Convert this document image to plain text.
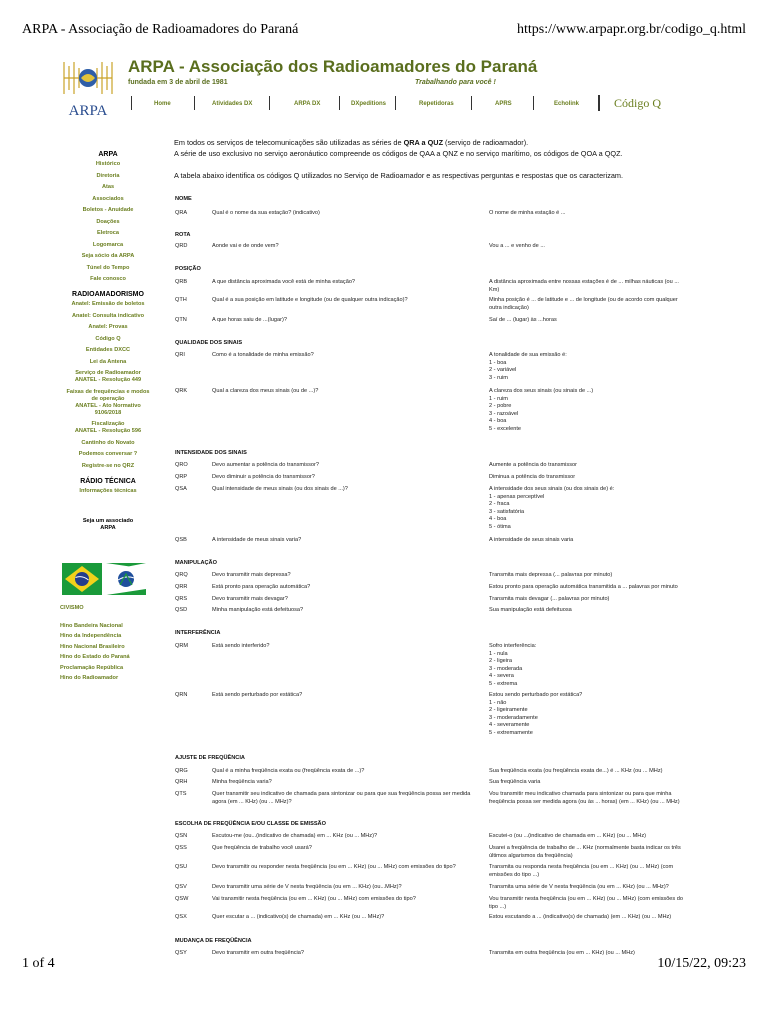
ARPA - Associação de Radioamadores do Paraná	https://www.arpapr.org.br/codigo_q.html
ARPA
ARPA - Associação dos Radioamadores do Paraná
fundada em 3 de abril de 1981	Trabalhando para você !
Home	Atividades DX	ARPA DX	DXpeditions	Repetidoras	APRS	Echolink	Código Q
ARPA
Histórico
Diretoria
Atas
Associados
Boletos - Anuidade
Doações
Eletroca
Logomarca
Seja sócio da ARPA
Túnel do Tempo
Fale conosco
RADIOAMADORISMO
Anatel: Emissão de boletos
Anatel: Consulta indicativo
Anatel: Provas
Código Q
Entidades DXCC
Lei da Antena
Serviço de Radioamador
ANATEL - Resolução 449
Faixas de frequências e modos
de operação
ANATEL - Ato Normativo
9106/2018
Fiscalização
ANATEL - Resolução 596
Cantinho do Novato
Podemos conversar ?
Registre-se no QRZ
RÁDIO TÉCNICA
Informações técnicas
Seja um associado
ARPA
CIVISMO
Hino Bandeira Nacional
Hino da Independência
Hino Nacional Brasileiro
Hino do Estado do Paraná
Proclamação República
Hino do Radioamador
Em todos os serviços de telecomunicações são utilizadas as séries de QRA a QUZ (serviço de radioamador).
A série de uso exclusivo no serviço aeronáutico compreende os códigos de QAA a QNZ e no serviço marítimo, os códigos de QOA a QQZ.
A tabela abaixo identifica os códigos Q utilizados no Serviço de Radioamador e as respectivas perguntas e respostas que os caracterizam.
NOME
QRA	Qual é o nome da sua estação? (indicativo)	O nome de minha estação é ...
ROTA
QRD	Aonde vai e de onde vem?	Vou a ... e venho de ...
POSIÇÃO
QRB	A que distância aproximada você está de minha estação?	A distância aproximada entre nossas estações é de ... milhas náuticas (ou ...
Km)
QTH	Qual é a sua posição em latitude e longitude (ou de qualquer outra indicação)?	Minha posição é ... de latitude e ... de longitude (ou de acordo com qualquer
outra indicação)
QTN	A que horas saiu de ...(lugar)?	Saí de ... (lugar) às ...horas
QUALIDADE DOS SINAIS
QRI	Como é a tonalidade de minha emissão?	A tonalidade de sua emissão é:
1 - boa
2 - variável
3 - ruim
QRK	Qual a clareza dos meus sinais (ou de ...)?	A clareza dos seus sinais (ou sinais de ...)
1 - ruim
2 - pobre
3 - razoável
4 - boa
5 - excelente
INTENSIDADE DOS SINAIS
QRO	Devo aumentar a potência do transmissor?	Aumente a potência do transmissor
QRP	Devo diminuir a potência do transmissor?	Diminua a potência do transmissor
QSA	Qual intensidade de meus sinais (ou dos sinais de ...)?	A intensidade dos seus sinais (ou dos sinais de) é:
1 - apenas perceptível
2 - fraca
3 - satisfatória
4 - boa
5 - ótima
QSB	A intensidade de meus sinais varia?	A intensidade de seus sinais varia
MANIPULAÇÃO
QRQ	Devo transmitir mais depressa?	Transmita mais depressa (... palavras por minuto)
QRR	Está pronto para operação automática?	Estou pronto para operação automática transmitida a ... palavras por minuto
QRS	Devo transmitir mais devagar?	Transmita mais devagar (... palavras por minuto)
QSD	Minha manipulação está defeituosa?	Sua manipulação está defeituosa
INTERFERÊNCIA
QRM	Está sendo interferido?	Sofro interferência:
1 - nula
2 - ligeira
3 - moderada
4 - severa
5 - extrema
QRN	Está sendo perturbado por estática?	Estou sendo perturbado por estática?
1 - não
2 - ligeiramente
3 - moderadamente
4 - severamente
5 - extremamente
AJUSTE DE FREQÜÊNCIA
QRG	Qual é a minha freqüência exata ou (freqüência exata de ...)?	Sua freqüência exata (ou freqüência exata de...) é ... KHz (ou ... MHz)
QRH	Minha freqüência varia?	Sua freqüência varia
QTS	Quer transmitir seu indicativo de chamada para sintonizar ou para que sua freqüência possa ser medida agora (em ... KHz) (ou ... MHz)?
Vou transmitir meu indicativo chamada para sintonizar ou para que minha
freqüência possa ser medida agora (ou às ... horas) (em ... KHz) (ou ... MHz)
ESCOLHA DE FREQÜÊNCIA E/OU CLASSE DE EMISSÃO
QSN	Escutou-me (ou...(indicativo de chamada) em ... KHz (ou ... MHz)?	Escutei-o (ou ...(indicativo de chamada em ... KHz) (ou ... MHz)
QSS	Que freqüência de trabalho você usará?	Usarei a freqüência de trabalho de ... KHz (normalmente basta indicar os três
últimos algarismos da freqüência)
QSU	Devo transmitir ou responder nesta freqüência (ou em ... KHz) (ou ... MHz) com emissões do tipo?	Transmita ou responda nesta freqüência (ou em ... KHz) (ou ... MHz) (com
emissões do tipo ...)
QSV	Devo transmitir uma série de V nesta freqüência (ou em ... KHz) (ou...MHz)?	Transmita uma série de V nesta freqüência (ou em ... KHz) (ou ... MHz)?
QSW	Vai transmitir nesta freqüência (ou em ... KHz) (ou ... MHz) com emissões do tipo?	Vou transmitir nesta freqüência (ou em ... KHz) (ou ... MHz) (com emissões do
tipo ...)
QSX	Quer escutar a ... (indicativo(s) de chamada) em ... KHz (ou ... MHz)?	Estou escutando a ... (indicativo(s) de chamada) (em ... KHz) (ou ... MHz)
MUDANÇA DE FREQÜÊNCIA
QSY	Devo transmitir em outra freqüência?	Transmita em outra freqüência (ou em ... KHz) (ou ... MHz)
1 of 4	10/15/22, 09:23
